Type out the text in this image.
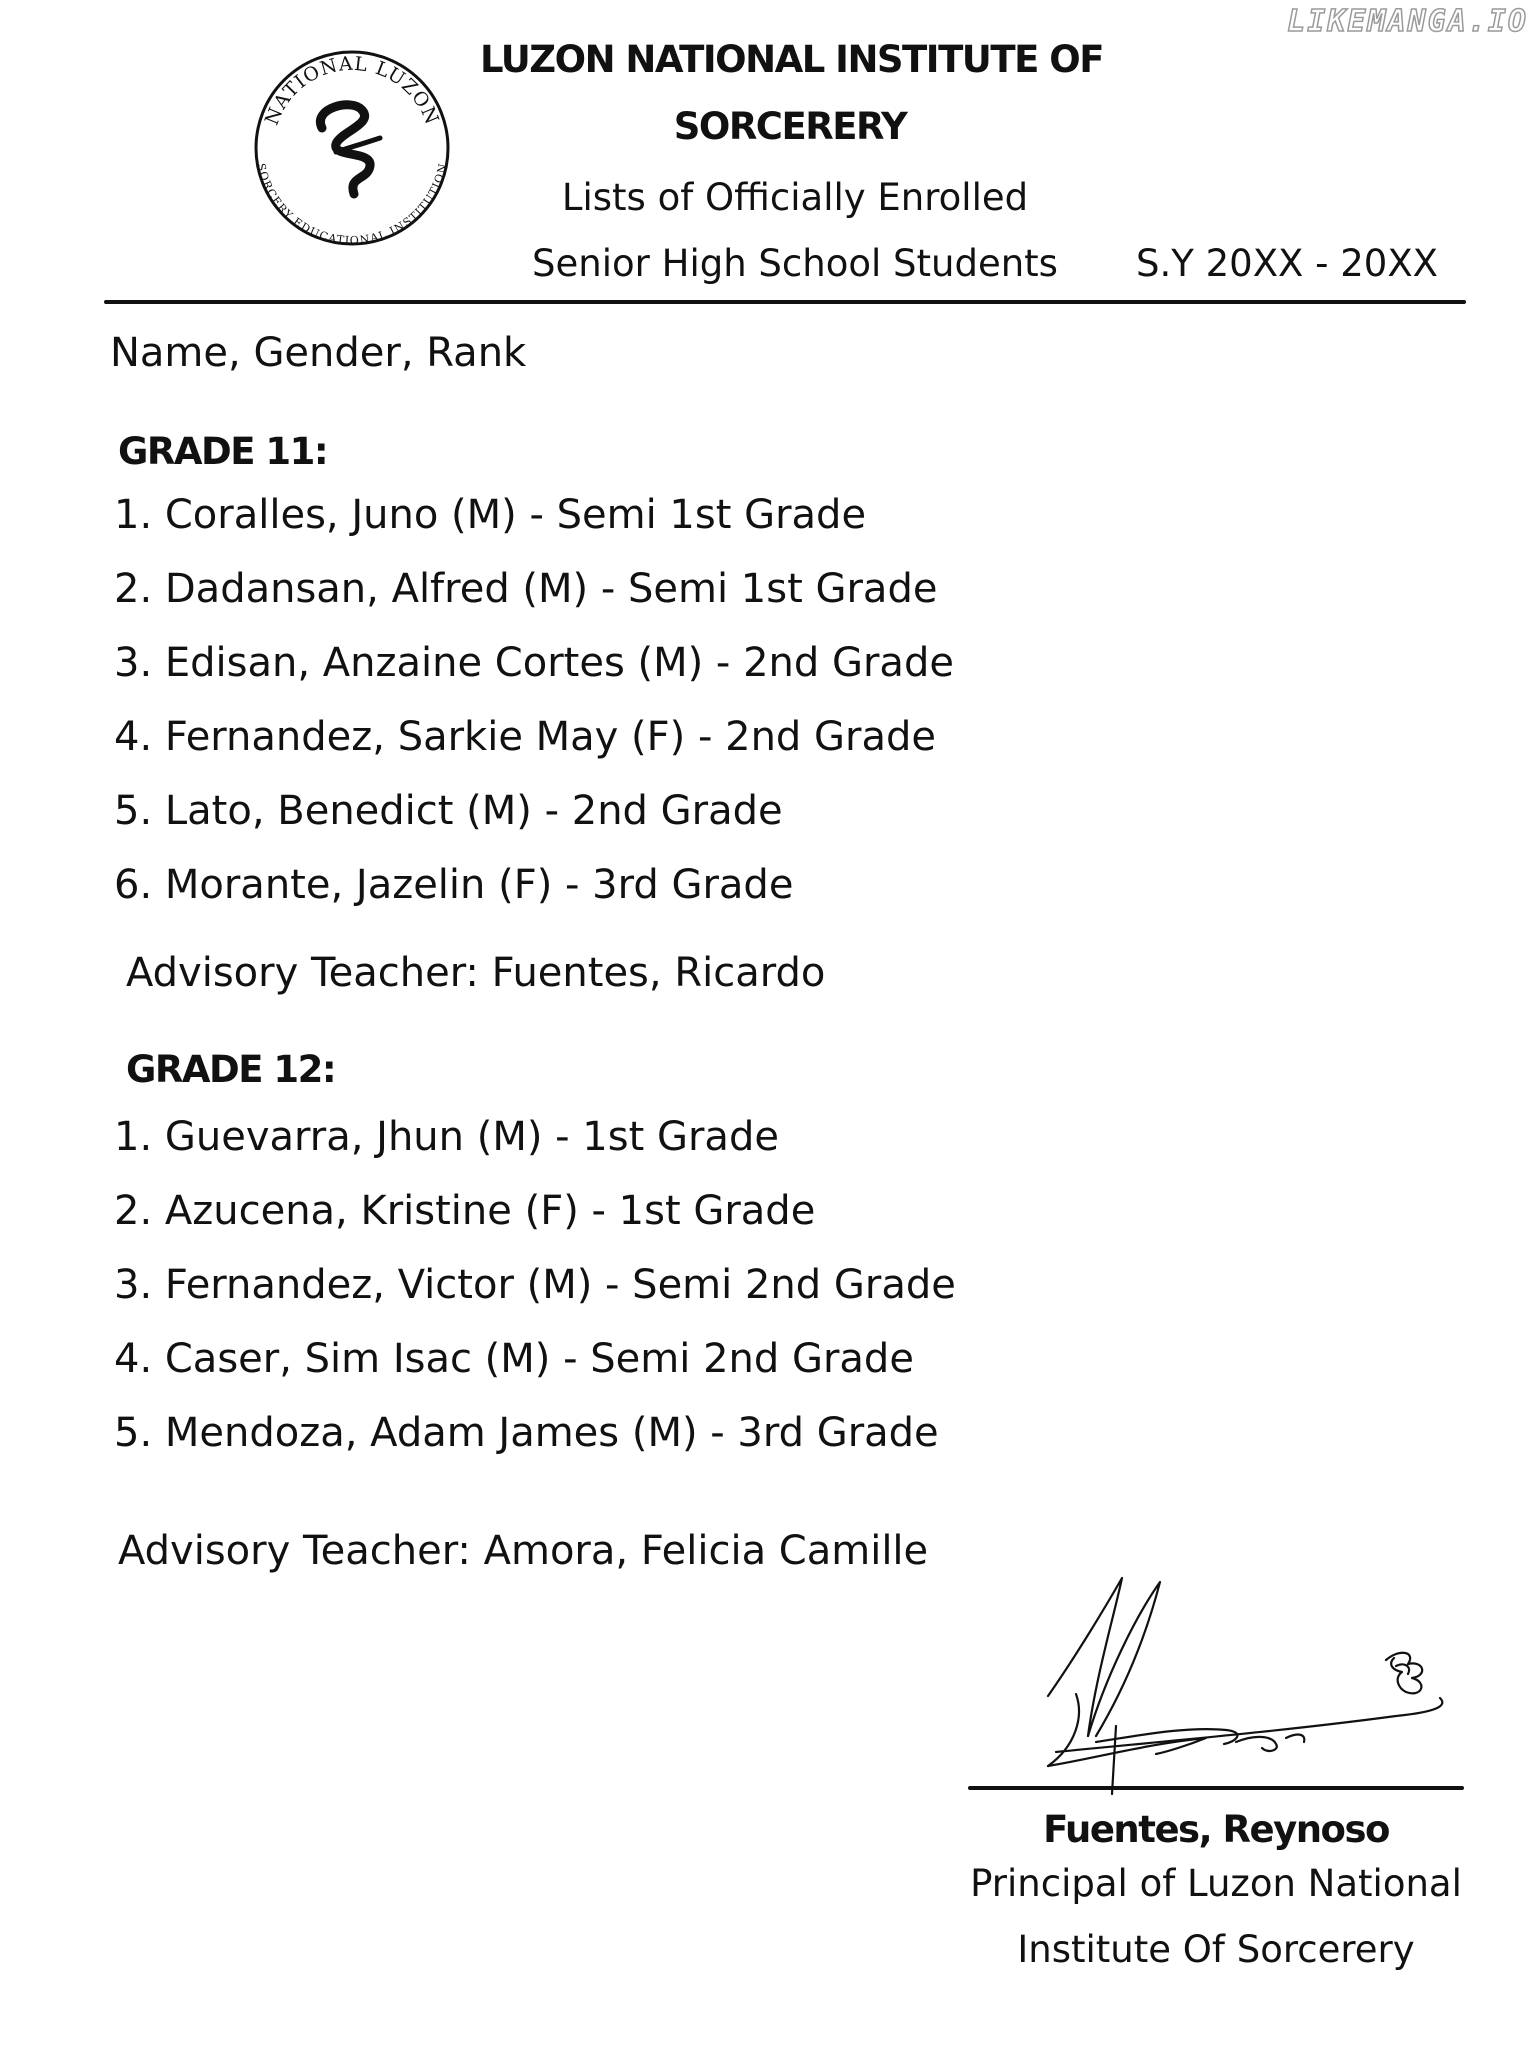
LIKEMANGA.IO
NATIONAL LUZON
SORCERY EDUCATIONAL INSTITUTION
LUZON NATIONAL INSTITUTE OF
SORCERERY
Lists of Officially Enrolled
Senior High School Students	S.Y 20XX - 20XX
Name, Gender, Rank
GRADE 11:
1. Coralles, Juno (M) - Semi 1st Grade
2. Dadansan, Alfred (M) - Semi 1st Grade
3. Edisan, Anzaine Cortes (M) - 2nd Grade
4. Fernandez, Sarkie May (F) - 2nd Grade
5. Lato, Benedict (M) - 2nd Grade
6. Morante, Jazelin (F) - 3rd Grade
Advisory Teacher: Fuentes, Ricardo
GRADE 12:
1. Guevarra, Jhun (M) - 1st Grade
2. Azucena, Kristine (F) - 1st Grade
3. Fernandez, Victor (M) - Semi 2nd Grade
4. Caser, Sim Isac (M) - Semi 2nd Grade
5. Mendoza, Adam James (M) - 3rd Grade
Advisory Teacher: Amora, Felicia Camille
Fuentes, Reynoso
Principal of Luzon National
Institute Of Sorcerery
